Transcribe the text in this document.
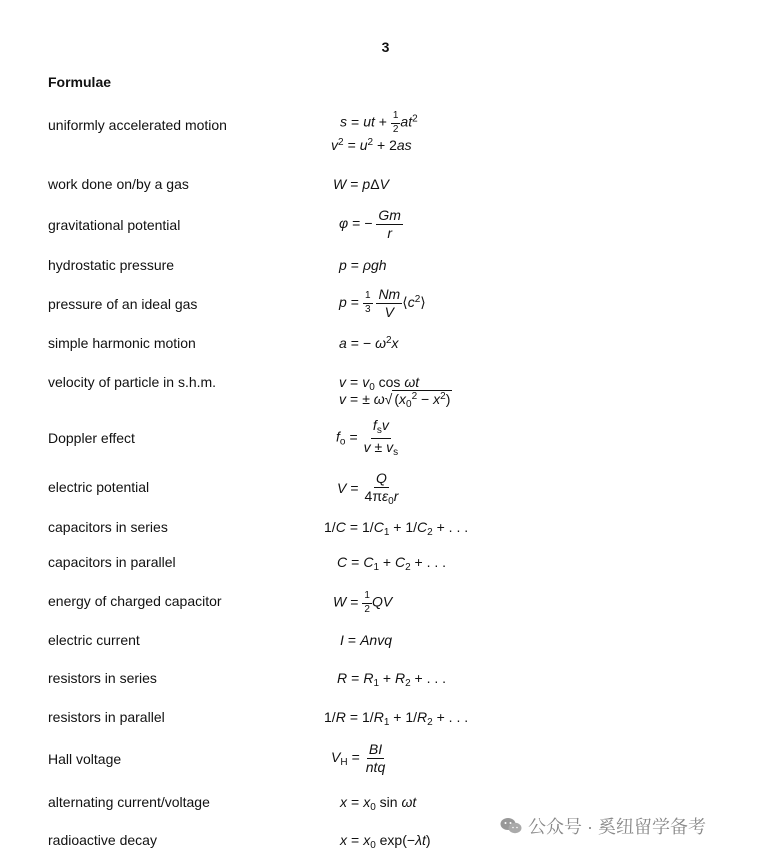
3
Formulae
uniformly accelerated motion
work done on/by a gas
gravitational potential
hydrostatic pressure
pressure of an ideal gas
simple harmonic motion
velocity of particle in s.h.m.
Doppler effect
electric potential
capacitors in series
capacitors in parallel
energy of charged capacitor
electric current
resistors in series
resistors in parallel
Hall voltage
alternating current/voltage
radioactive decay
s = ut + $\frac{1}{2} at^2$
$v^2 = u^2 + 2as$
W = pΔV
φ = − $\frac{Gm}{r}$
p = ρgh
$p = \frac{1}{3}$
$\frac{Nm}{V}$ $⟨c^2⟩$
a = − $\omega^2x$
$v = v_0$ cos ωt
v = ± ω√ $(x_0^2 - x^2)$
$f_o = \frac{f_sv}{v \pm v_s}$
$V = \frac{Q}{4\pi\varepsilon_0r}$
$1/C = 1/C_1 + 1/C_2$ + . . .
$C = C_1 + C_2$ + . . .
$W = \frac{1}{2}$ QV
I = Anvq
$R = R_1 + R_2$ + . . .
$1/R = 1/R_1 + 1/R_2$ + . . .
$V_H = \frac{BI}{\text{ntq}}$
$x = x_0$ sin ωt
$x = x_0$ exp(−λt)
公众号 · 奚纽留学备考
